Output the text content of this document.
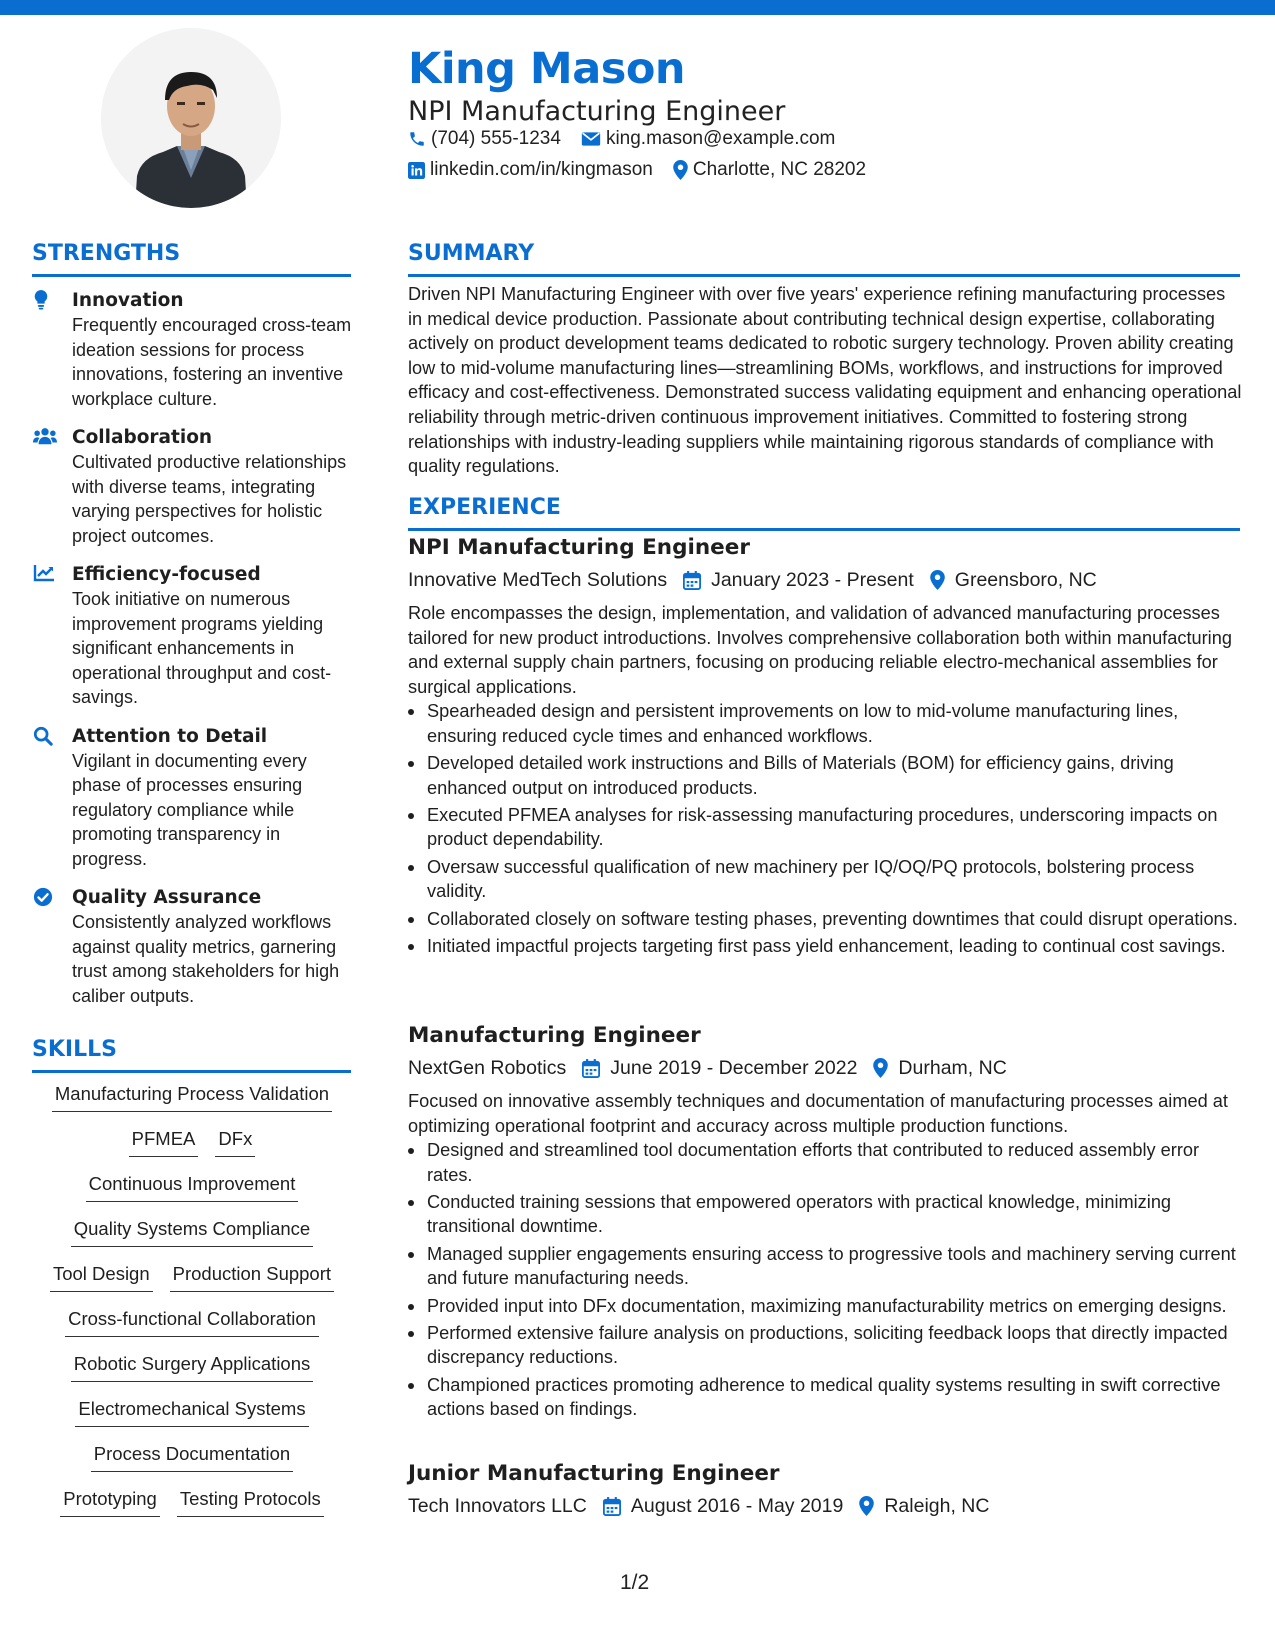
King Mason
NPI Manufacturing Engineer
(704) 555-1234 king.mason@example.com
linkedin.com/in/kingmason Charlotte, NC 28202
STRENGTHS
Innovation
Frequently encouraged cross-team ideation sessions for process innovations, fostering an inventive workplace culture.
Collaboration
Cultivated productive relationships with diverse teams, integrating varying perspectives for holistic project outcomes.
Efficiency-focused
Took initiative on numerous improvement programs yielding significant enhancements in operational throughput and cost-savings.
Attention to Detail
Vigilant in documenting every phase of processes ensuring regulatory compliance while promoting transparency in progress.
Quality Assurance
Consistently analyzed workflows against quality metrics, garnering trust among stakeholders for high caliber outputs.
SKILLS
Manufacturing Process Validation
PFMEA DFx
Continuous Improvement
Quality Systems Compliance
Tool Design Production Support
Cross-functional Collaboration
Robotic Surgery Applications
Electromechanical Systems
Process Documentation
Prototyping Testing Protocols
SUMMARY

Driven NPI Manufacturing Engineer with over five years' experience refining manufacturing processes in medical device production. Passionate about contributing technical design expertise, collaborating actively on product development teams dedicated to robotic surgery technology. Proven ability creating low to mid-volume manufacturing lines—streamlining BOMs, workflows, and instructions for improved efficacy and cost-effectiveness. Demonstrated success validating equipment and enhancing operational reliability through metric-driven continuous improvement initiatives. Committed to fostering strong relationships with industry-leading suppliers while maintaining rigorous standards of compliance with quality regulations.

EXPERIENCE
NPI Manufacturing Engineer
Innovative MedTech Solutions January 2023 - Present Greensboro, NC
Role encompasses the design, implementation, and validation of advanced manufacturing processes tailored for new product introductions. Involves comprehensive collaboration both within manufacturing and external supply chain partners, focusing on producing reliable electro-mechanical assemblies for surgical applications.
Spearheaded design and persistent improvements on low to mid-volume manufacturing lines, ensuring reduced cycle times and enhanced workflows.
Developed detailed work instructions and Bills of Materials (BOM) for efficiency gains, driving enhanced output on introduced products.
Executed PFMEA analyses for risk-assessing manufacturing procedures, underscoring impacts on product dependability.
Oversaw successful qualification of new machinery per IQ/OQ/PQ protocols, bolstering process validity.
Collaborated closely on software testing phases, preventing downtimes that could disrupt operations.
Initiated impactful projects targeting first pass yield enhancement, leading to continual cost savings.
Manufacturing Engineer
NextGen Robotics June 2019 - December 2022 Durham, NC
Focused on innovative assembly techniques and documentation of manufacturing processes aimed at optimizing operational footprint and accuracy across multiple production functions.
Designed and streamlined tool documentation efforts that contributed to reduced assembly error rates.
Conducted training sessions that empowered operators with practical knowledge, minimizing transitional downtime.
Managed supplier engagements ensuring access to progressive tools and machinery serving current and future manufacturing needs.
Provided input into DFx documentation, maximizing manufacturability metrics on emerging designs.
Performed extensive failure analysis on productions, soliciting feedback loops that directly impacted discrepancy reductions.
Championed practices promoting adherence to medical quality systems resulting in swift corrective actions based on findings.
Junior Manufacturing Engineer
Tech Innovators LLC August 2016 - May 2019 Raleigh, NC
1/2
